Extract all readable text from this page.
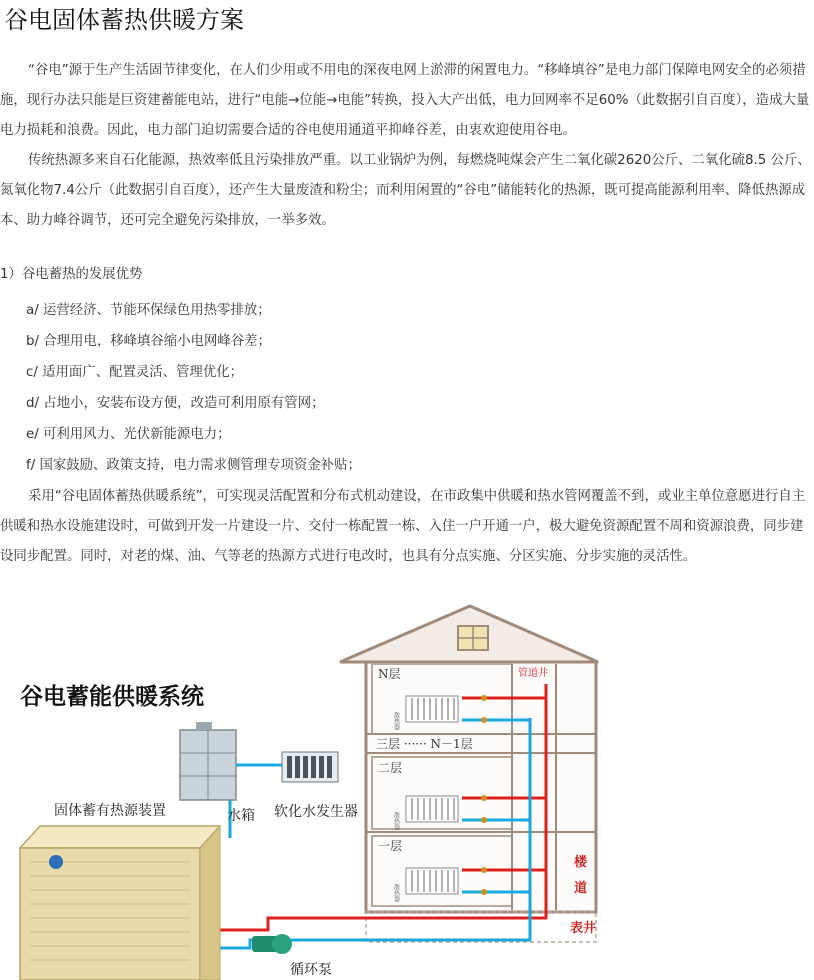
谷电固体蓄热供暖方案

“谷电”源于生产生活固节律变化，在人们少用或不用电的深夜电网上淤滞的闲置电力。“移峰填谷”是电力部门保障电网安全的必须措施，现行办法只能是巨资建蓄能电站，进行“电能→位能→电能”转换，投入大产出低，电力回网率不足60%（此数据引自百度），造成大量电力损耗和浪费。因此，电力部门迫切需要合适的谷电使用通道平抑峰谷差，由衷欢迎使用谷电。

传统热源多来自石化能源，热效率低且污染排放严重。以工业锅炉为例，每燃烧吨煤会产生二氧化碳2620公斤、二氧化硫8.5 公斤、氮氧化物7.4公斤（此数据引自百度），还产生大量废渣和粉尘；而利用闲置的“谷电”储能转化的热源，既可提高能源利用率、降低热源成本、助力峰谷调节，还可完全避免污染排放，一举多效。

1）谷电蓄热的发展优势

a/ 运营经济、节能环保绿色用热零排放；

b/ 合理用电，移峰填谷缩小电网峰谷差；

c/ 适用面广、配置灵活、管理优化；

d/ 占地小，安装布设方便，改造可利用原有管网；

e/ 可利用风力、光伏新能源电力；

f/ 国家鼓励、政策支持，电力需求侧管理专项资金补贴；

采用“谷电固体蓄热供暖系统”，可实现灵活配置和分布式机动建设，在市政集中供暖和热水管网覆盖不到，或业主单位意愿进行自主供暖和热水设施建设时，可做到开发一片建设一片、交付一栋配置一栋、入住一户开通一户，极大避免资源配置不周和资源浪费，同步建设同步配置。同时，对老的煤、油、气等老的热源方式进行电改时，也具有分点实施、分区实施、分步实施的灵活性。

谷电蓄能供暖系统
固体蓄有热源装置	水箱 软化水发生器
循环泵
N层
三层 ······ N－1层
二层
一层
管道井
楼
道
表井
散热器
散热器
散热器
